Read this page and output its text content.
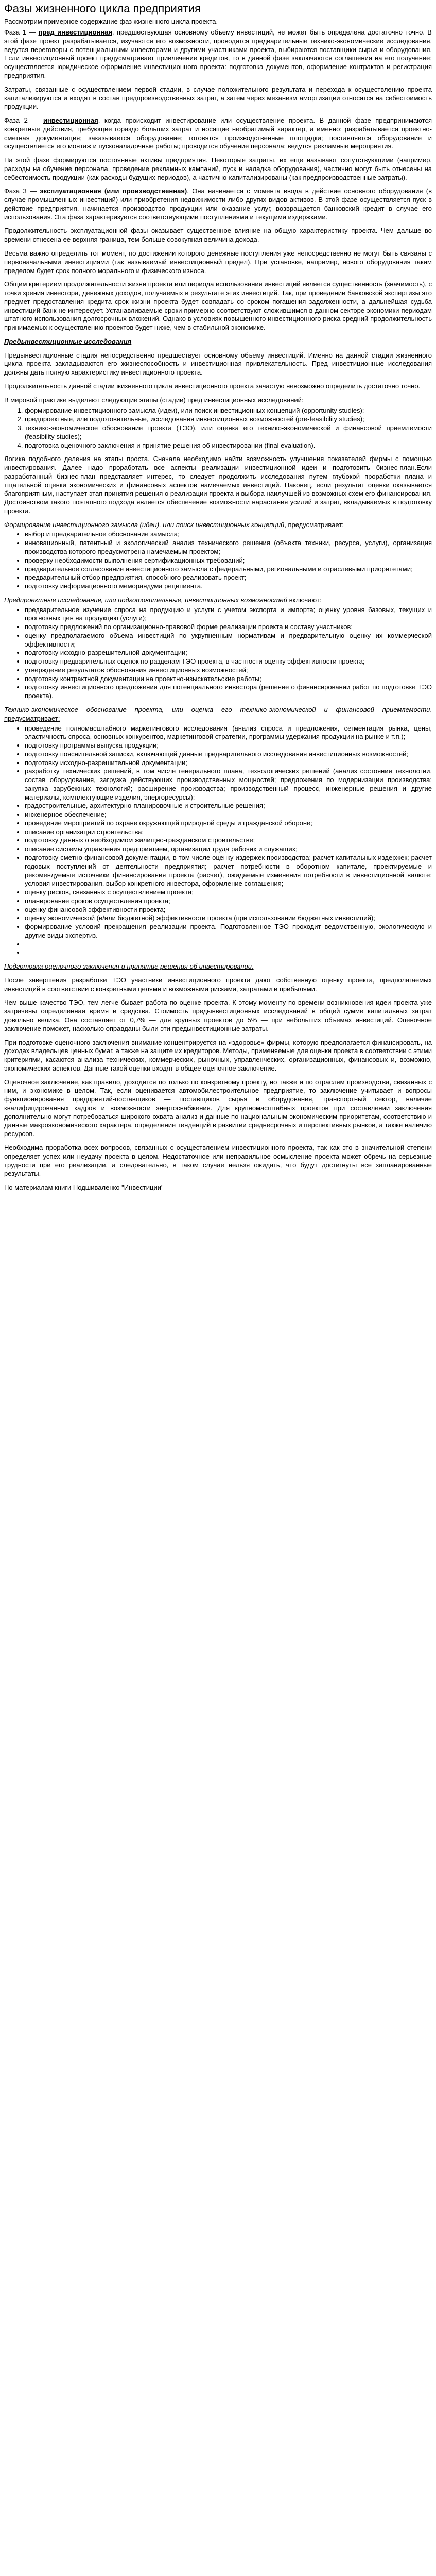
Фазы жизненного цикла предприятия

Рассмотрим примерное содержание фаз жизненного цикла проекта.

Фаза 1 — пред инвестиционная, предшествующая основному объему инвестиций, не может быть определена достаточно точно. В этой фазе проект разрабатывается, изучаются его возможности, проводятся предварительные технико-экономические исследования, ведутся переговоры с потенциальными инвесторами и другими участниками проекта, выбираются поставщики сырья и оборудования. Если инвестиционный проект предусматривает привлечение кредитов, то в данной фазе заключаются соглашения на его получение; осуществляется юридическое оформление инвестиционного проекта: подготовка документов, оформление контрактов и регистрация предприятия.

Затраты, связанные с осуществлением первой стадии, в случае положительного результата и перехода к осуществлению проекта капитализируются и входят в состав предпроизводственных затрат, а затем через механизм амортизации относятся на себестоимость продукции.

Фаза 2 — инвестиционная, когда происходит инвестирование или осуществление проекта. В данной фазе предпринимаются конкретные действия, требующие гораздо больших затрат и носящие необратимый характер, а именно: разрабатывается проектно-сметная документация; заказывается оборудование; готовятся производственные площадки; поставляется оборудование и осуществляется его монтаж и пусконаладочные работы; проводится обучение персонала; ведутся рекламные мероприятия.

На этой фазе формируются постоянные активы предприятия. Некоторые затраты, их еще называют сопутствующими (например, расходы на обучение персонала, проведение рекламных кампаний, пуск и наладка оборудования), частично могут быть отнесены на себестоимость продукции (как расходы будущих периодов), а частично-капитализированы (как предпроизводственные затраты).

Фаза 3 — эксплуатационная (или производственная). Она начинается с момента ввода в действие основного оборудования (в случае промышленных инвестиций) или приобретения недвижимости либо других видов активов. В этой фазе осуществляется пуск в действие предприятия, начинается производство продукции или оказание услуг, возвращается банковский кредит в случае его использования. Эта фаза характеризуется соответствующими поступлениями и текущими издержками.

Продолжительность эксплуатационной фазы оказывает существенное влияние на общую характеристику проекта. Чем дальше во времени отнесена ее верхняя граница, тем больше совокупная величина дохода.

Весьма важно определить тот момент, по достижении которого денежные поступления уже непосредственно не могут быть связаны с первоначальными инвестициями (так называемый инвестиционный предел). При установке, например, нового оборудования таким пределом будет срок полного морального и физического износа.

Общим критерием продолжительности жизни проекта или периода использования инвестиций является существенность (значимость), с точки зрения инвестора, денежных доходов, получаемых в результате этих инвестиций. Так, при проведении банковской экспертизы это предмет предоставления кредита срок жизни проекта будет совпадать со сроком погашения задолженности, а дальнейшая судьба инвестиций банк не интересует. Устанавливаемые сроки примерно соответствуют сложившимся в данном секторе экономики периодам штатного использования долгосрочных вложений. Однако в условиях повышенного инвестиционного риска средний продолжительность принимаемых к осуществлению проектов будет ниже, чем в стабильной экономике.

Предынвестиционные исследования

Предынвестиционные стадия непосредственно предшествует основному объему инвестиций. Именно на данной стадии жизненного цикла проекта закладываются его жизнеспособность и инвестиционная привлекательность. Пред инвестиционные исследования должны дать полную характеристику инвестиционного проекта.

Продолжительность данной стадии жизненного цикла инвестиционного проекта зачастую невозможно определить достаточно точно.

В мировой практике выделяют следующие этапы (стадии) пред инвестиционных исследований:

1. формирование инвестиционного замысла (идеи), или поиск инвестиционных концепций (opportunity studies);
2. предпроектные, или подготовительные, исследования инвестиционных возможностей (pre-feasibility studies);
3. технико-экономическое обоснование проекта (ТЭО), или оценка его технико-экономической и финансовой приемлемости (feasibility studies);
4. подготовка оценочного заключения и принятие решения об инвестировании (final evaluation).

Логика подобного деления на этапы проста. Сначала необходимо найти возможность улучшения показателей фирмы с помощью инвестирования. Далее надо проработать все аспекты реализации инвестиционной идеи и подготовить бизнес-план.Если разработанный бизнес-план представляет интерес, то следует продолжить исследования путем глубокой проработки плана и тщательной оценки экономических и финансовых аспектов намечаемых инвестиций. Наконец, если результат оценки оказывается благоприятным, наступает этап принятия решения о реализации проекта и выбора наилучшей из возможных схем его финансирования. Достоинством такого поэтапного подхода является обеспечение возможности нарастания усилий и затрат, вкладываемых в подготовку проекта.

Формирование инвестиционного замысла (идеи), или поиск инвестиционных концепций, предусматривает:
• выбор и предварительное обоснование замысла;
• инновационный, патентный и экологический анализ технического решения (объекта техники, ресурса, услуги), организация производства которого предусмотрена намечаемым проектом;
• проверку необходимости выполнения сертификационных требований;
• предварительное согласование инвестиционного замысла с федеральными, региональными и отраслевыми приоритетами;
• предварительный отбор предприятия, способного реализовать проект;
• подготовку информационного меморандума реципиента.
Предпроектные исследования, или подготовительные, инвестиционных возможностей включают:
• предварительное изучение спроса на продукцию и услуги с учетом экспорта и импорта; оценку уровня базовых, текущих и прогнозных цен на продукцию (услуги);
• подготовку предложений по организационно-правовой форме реализации проекта и составу участников;
• оценку предполагаемого объема инвестиций по укрупненным нормативам и предварительную оценку их коммерческой эффективности;
• подготовку исходно-разрешительной документации;
• подготовку предварительных оценок по разделам ТЭО проекта, в частности оценку эффективности проекта;
• утверждение результатов обоснования инвестиционных возможностей;
• подготовку контрактной документации на проектно-изыскательские работы;
• подготовку инвестиционного предложения для потенциального инвестора (решение о финансировании работ по подготовке ТЭО проекта).
Технико-экономическое обоснование проекта, или оценка его технико-экономической и финансовой приемлемости, предусматривает:
• проведение полномасштабного маркетингового исследования (анализ спроса и предложения, сегментация рынка, цены, эластичность спроса, основных конкурентов, маркетинговой стратегии, программы удержания продукции на рынке и т.п.);
• подготовку программы выпуска продукции;
• подготовку пояснительной записки, включающей данные предварительного исследования инвестиционных возможностей;
• подготовку исходно-разрешительной документации;
• разработку технических решений, в том числе генерального плана, технологических решений (анализ состояния технологии, состав оборудования, загрузка действующих производственных мощностей; предложения по модернизации производства; закупка зарубежных технологий; расширение производства; производственный процесс, инженерные решения и другие материалы, комплектующие изделия, энергоресурсы);
• градостроительные, архитектурно-планировочные и строительные решения;
• инженерное обеспечение;
• проведение мероприятий по охране окружающей природной среды и гражданской обороне;
• описание организации строительства;
• подготовку данных о необходимом жилищно-гражданском строительстве;
• описание системы управления предприятием, организации труда рабочих и служащих;
• подготовку сметно-финансовой документации, в том числе оценку издержек производства; расчет капитальных издержек; расчет годовых поступлений от деятельности предприятия; расчет потребности в оборотном капитале, проектируемые и рекомендуемые источники финансирования проекта (расчет), ожидаемые изменения потребности в инвестиционной валюте; условия инвестирования, выбор конкретного инвестора, оформление соглашения;
• оценку рисков, связанных с осуществлением проекта;
• планирование сроков осуществления проекта;
• оценку финансовой эффективности проекта;
• оценку экономической (и/или бюджетной) эффективности проекта (при использовании бюджетных инвестиций);
• формирование условий прекращения реализации проекта. Подготовленное ТЭО проходит ведомственную, экологическую и другие виды экспертиз.
•
•
Подготовка оценочного заключения и принятие решения об инвестировании.

После завершения разработки ТЭО участники инвестиционного проекта дают собственную оценку проекта, предполагаемых инвестиций в соответствии с конкретными целями и возможными рисками, затратами и прибылями.

Чем выше качество ТЭО, тем легче бывает работа по оценке проекта. К этому моменту по времени возникновения идеи проекта уже затрачены определенная время и средства. Стоимость предынвестиционных исследований в общей сумме капитальных затрат довольно велика. Она составляет от 0,7% — для крупных проектов до 5% — при небольших объемах инвестиций. Оценочное заключение поможет, насколько оправданы были эти предынвестиционные затраты.

При подготовке оценочного заключения внимание концентрируется на «здоровье» фирмы, которую предполагается финансировать, на доходах владельцев ценных бумаг, а также на защите их кредиторов. Методы, применяемые для оценки проекта в соответствии с этими критериями, касаются анализа технических, коммерческих, рыночных, управленческих, организационных, финансовых и, возможно, экономических аспектов. Данные такой оценки входят в общее оценочное заключение.

Оценочное заключение, как правило, доходится по только по конкретному проекту, но также и по отраслям производства, связанных с ним, и экономике в целом. Так, если оценивается автомобилестроительное предприятие, то заключение учитывает и вопросы функционирования предприятий-поставщиков — поставщиков сырья и оборудования, транспортный сектор, наличие квалифицированных кадров и возможности энергоснабжения. Для крупномасштабных проектов при составлении заключения дополнительно могут потребоваться широкого охвата анализ и данные по национальным экономическим приоритетам, соответствию и данные макроэкономического характера, определение тенденций в развитии среднесрочных и перспективных рынков, а также наличию ресурсов.

Необходима проработка всех вопросов, связанных с осуществлением инвестиционного проекта, так как это в значительной степени определяет успех или неудачу проекта в целом. Недостаточное или неправильное осмысление проекта может обречь на серьезные трудности при его реализации, а следовательно, в таком случае нельзя ожидать, что будут достигнуты все запланированные результаты.

По материалам книги Подшиваленко "Инвестиции"
